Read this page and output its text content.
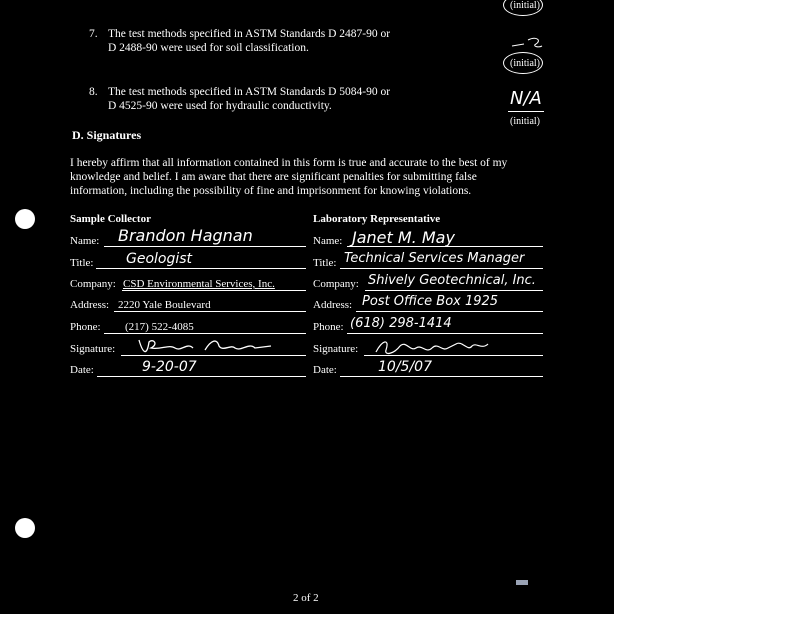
(initial)
7. The test methods specified in ASTM Standards D 2487-90 or
D 2488-90 were used for soil classification.
(initial)
8. The test methods specified in ASTM Standards D 5084-90 or
D 4525-90 were used for hydraulic conductivity.	N/A
(initial)
D. Signatures
I hereby affirm that all information contained in this form is true and accurate to the best of my
knowledge and belief. I am aware that there are significant penalties for submitting false
information, including the possibility of fine and imprisonment for knowing violations.
Sample Collector
Name: Brandon Hagnan
Title: Geologist
Company: CSD Environmental Services, Inc.
Address: 2220 Yale Boulevard
Phone: (217) 522-4085
Signature:
Date:	9-20-07
Laboratory Representative
Name: Janet M. May
Title: Technical Services Manager
Company: Shively Geotechnical, Inc.
Address: Post Office Box 1925
Phone: (618) 298-1414
Signature:
Date:	10/5/07
2 of 2
